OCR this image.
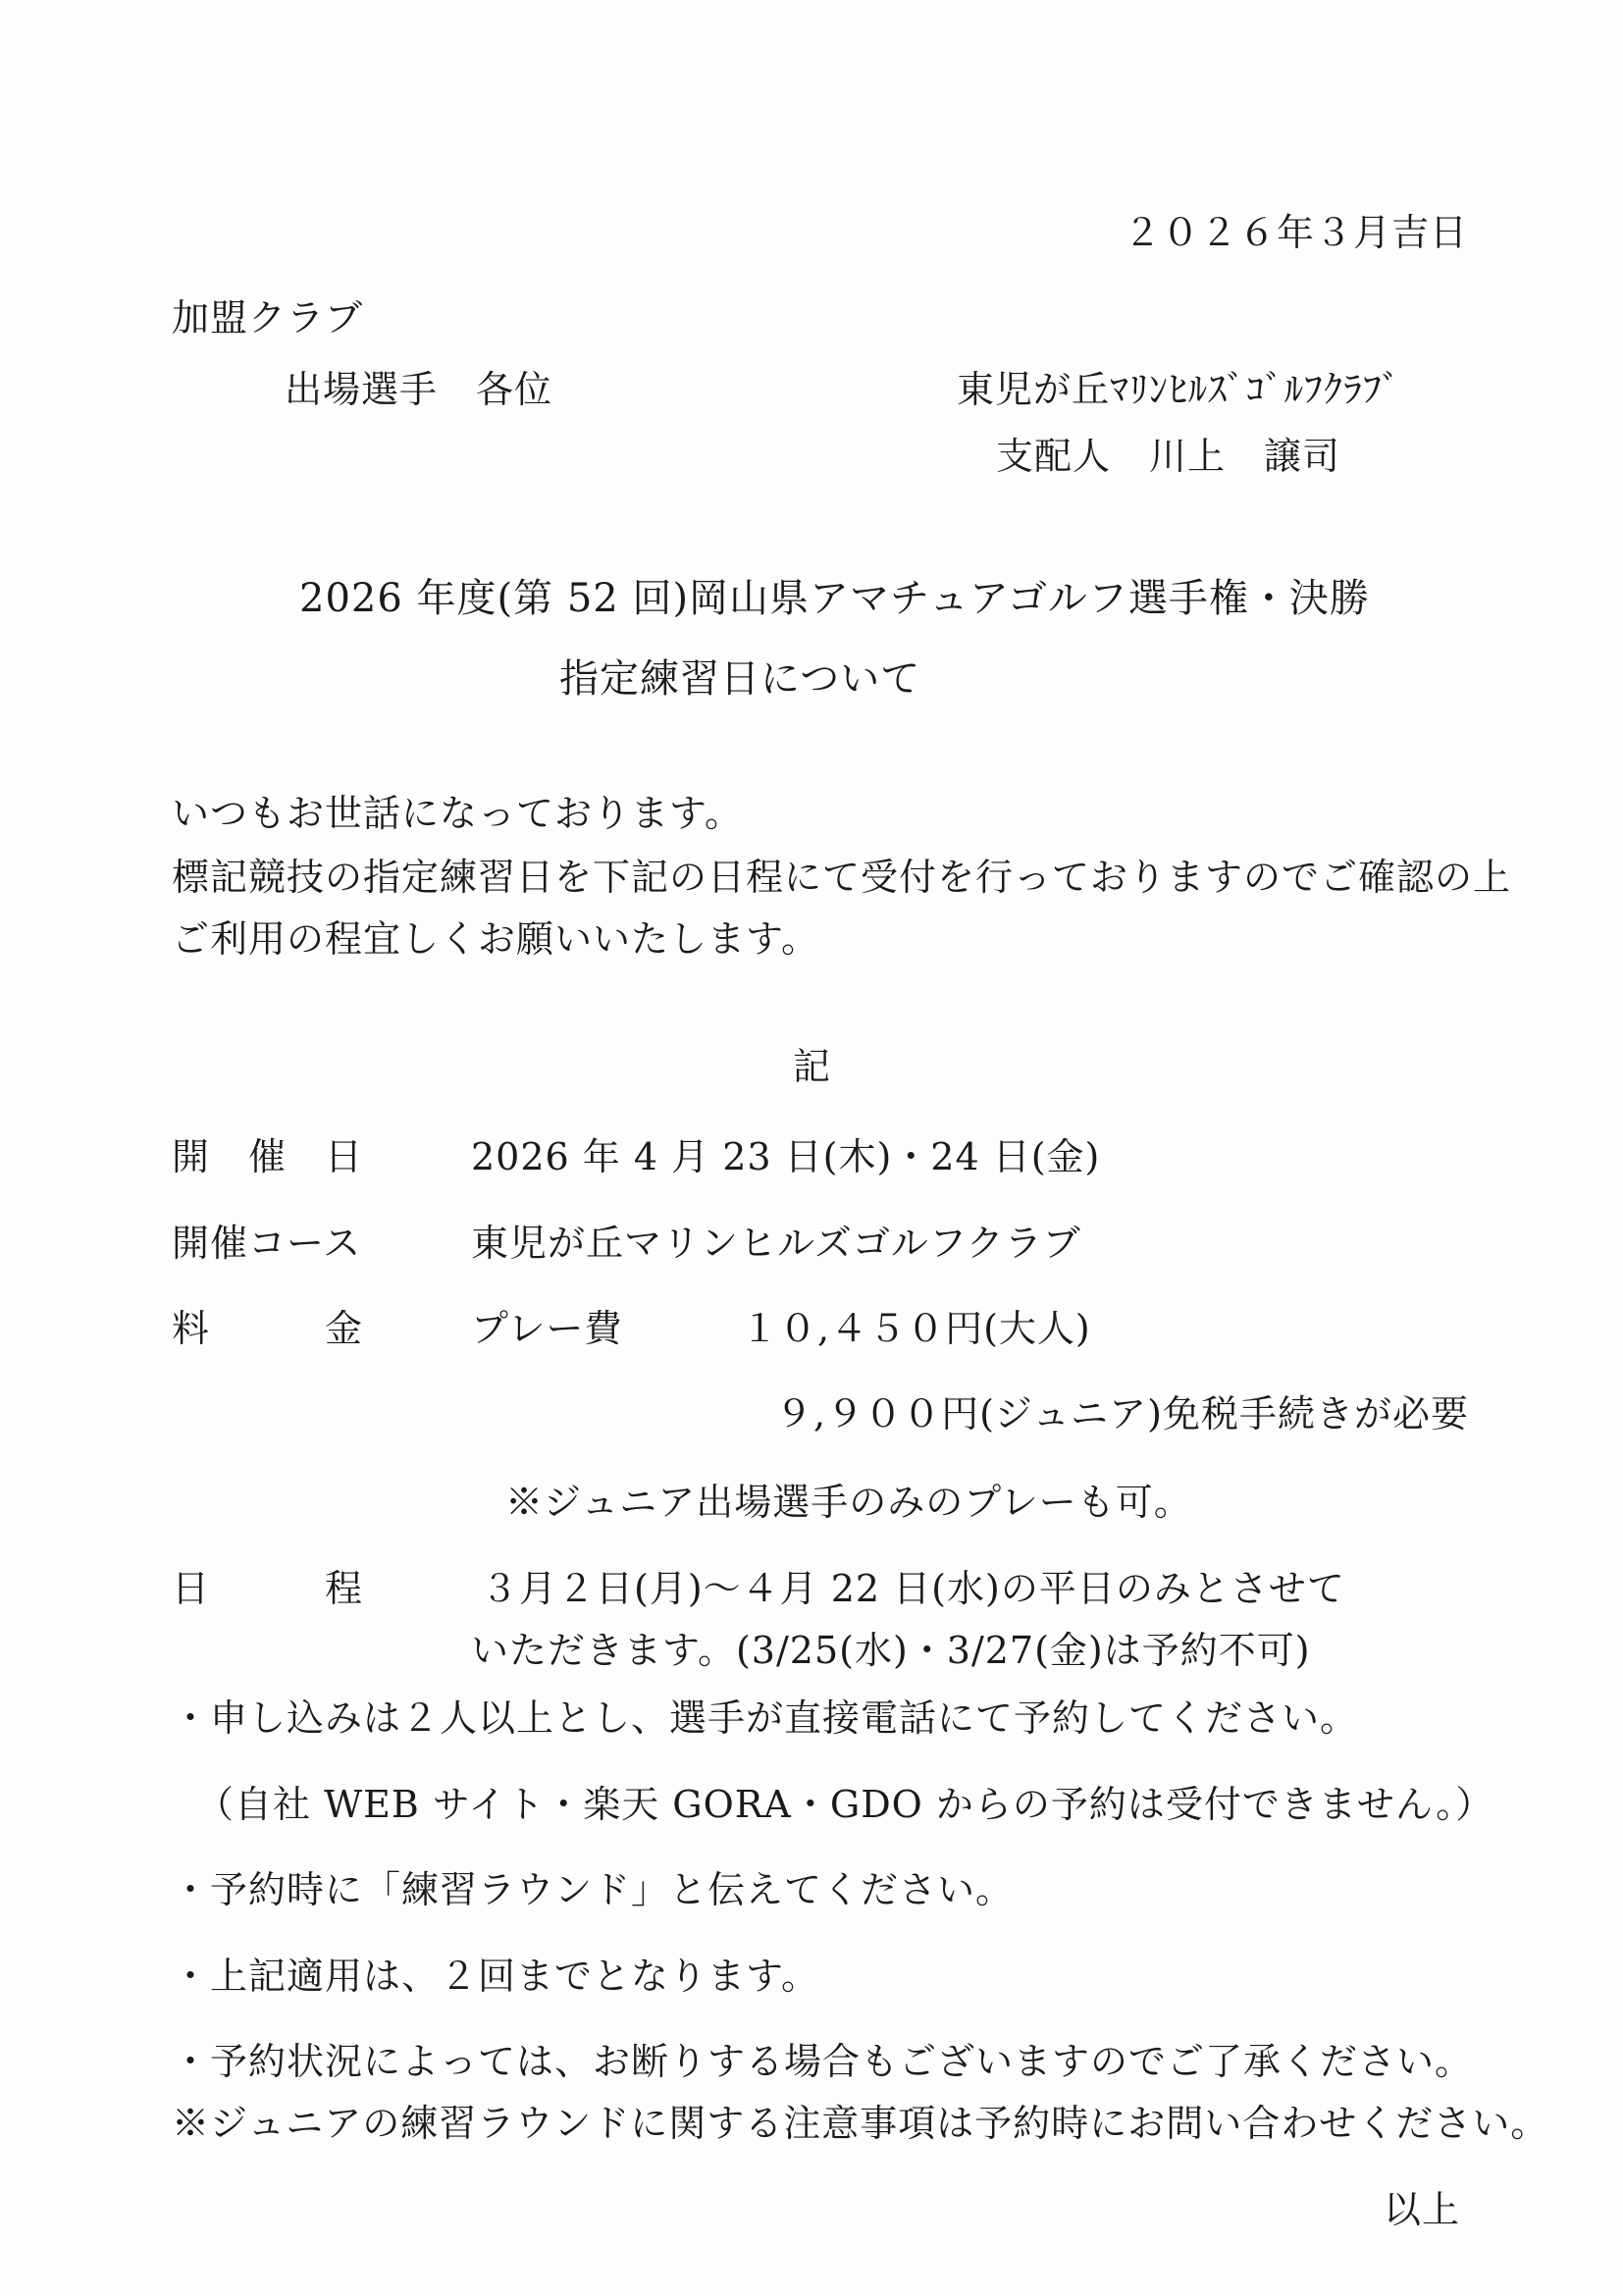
２０２６年３月吉日
加盟クラブ
出場選手　各位	東児が丘ﾏﾘﾝﾋﾙｽﾞｺﾞﾙﾌｸﾗﾌﾞ
支配人　川上　譲司
2026 年度(第 52 回)岡山県アマチュアゴルフ選手権・決勝
指定練習日について
いつもお世話になっております。
標記競技の指定練習日を下記の日程にて受付を行っておりますのでご確認の上
ご利用の程宜しくお願いいたします。
記
開　催　日	2026 年 4 月 23 日(木)・24 日(金)
開催コース	東児が丘マリンヒルズゴルフクラブ
料　　　金	プレー費	１０,４５０円(大人)
９,９００円(ジュニア)免税手続きが必要
※ジュニア出場選手のみのプレーも可。
日　　　程	３月２日(月)～４月 22 日(水)の平日のみとさせて
いただきます。(3/25(水)・3/27(金)は予約不可)
・申し込みは２人以上とし、選手が直接電話にて予約してください。
（自社 WEB サイト・楽天 GORA・GDO からの予約は受付できません。）
・予約時に「練習ラウンド」と伝えてください。
・上記適用は、２回までとなります。
・予約状況によっては、お断りする場合もございますのでご了承ください。
※ジュニアの練習ラウンドに関する注意事項は予約時にお問い合わせください。
以上
